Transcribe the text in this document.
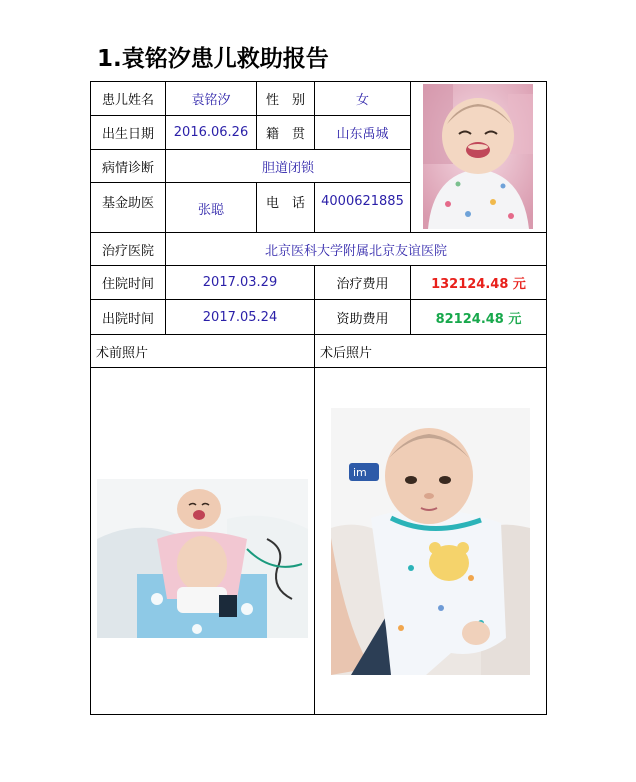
1.袁铭汐患儿救助报告
患儿姓名	袁铭汐	性　别	女
出生日期	2016.06.26	籍　贯	山东禹城
病情诊断	胆道闭锁
基金助医	张聪	电　话	4000621885
治疗医院	北京医科大学附属北京友谊医院
住院时间	2017.03.29	治疗费用	132124.48 元
出院时间	2017.05.24	资助费用	82124.48 元
术前照片	术后照片
im
